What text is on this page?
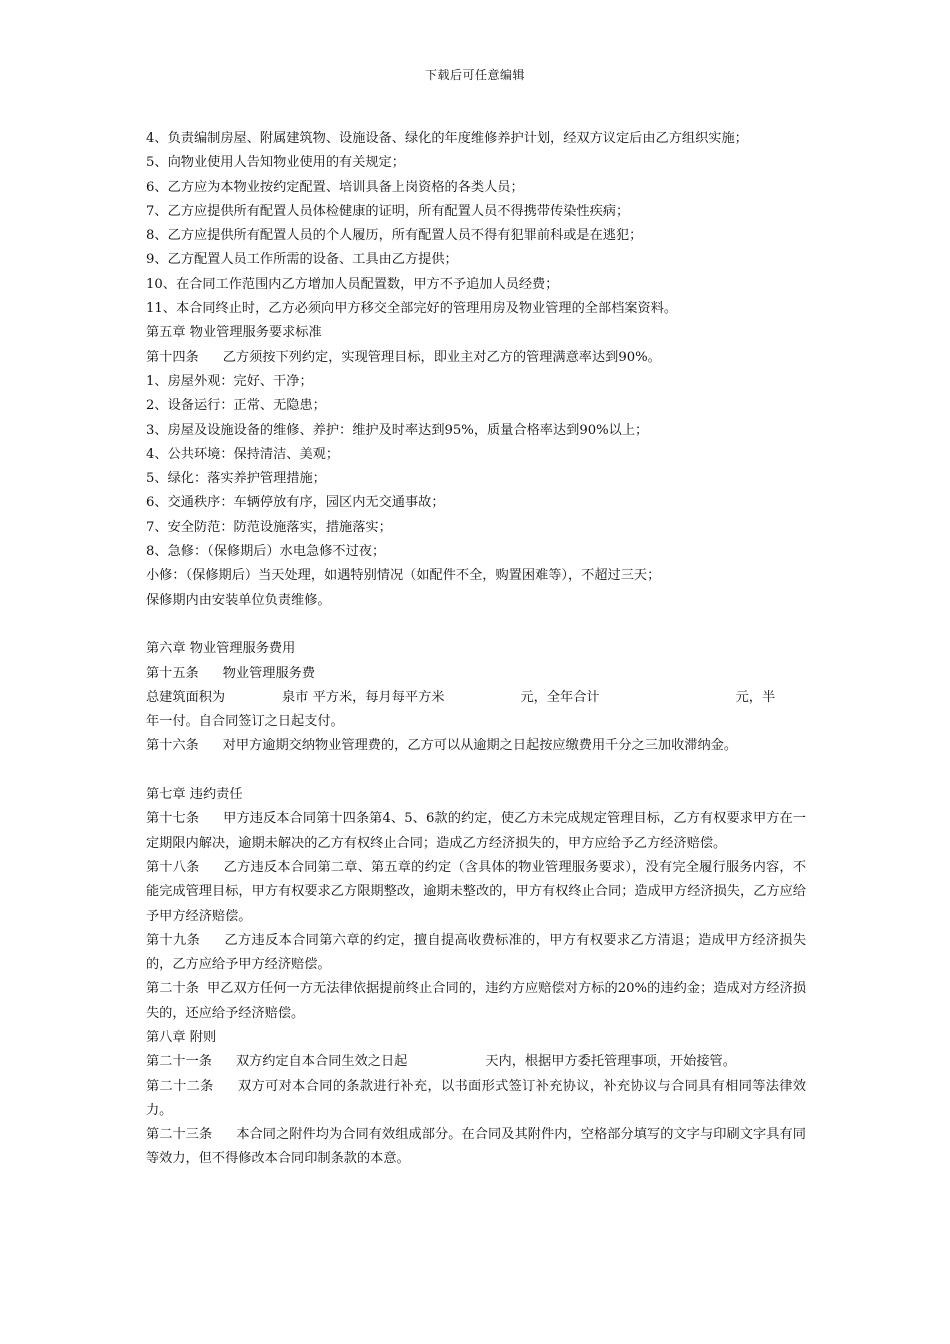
下载后可任意编辑
4、负责编制房屋、附属建筑物、设施设备、绿化的年度维修养护计划，经双方议定后由乙方组织实施；
5、向物业使用人告知物业使用的有关规定；
6、乙方应为本物业按约定配置、培训具备上岗资格的各类人员；
7、乙方应提供所有配置人员体检健康的证明，所有配置人员不得携带传染性疾病；
8、乙方应提供所有配置人员的个人履历，所有配置人员不得有犯罪前科或是在逃犯；
9、乙方配置人员工作所需的设备、工具由乙方提供；
10、在合同工作范围内乙方增加人员配置数，甲方不予追加人员经费；
11、本合同终止时，乙方必须向甲方移交全部完好的管理用房及物业管理的全部档案资料。
第五章 物业管理服务要求标准
第十四条 乙方须按下列约定，实现管理目标，即业主对乙方的管理满意率达到90%。
1、房屋外观：完好、干净；
2、设备运行：正常、无隐患；
3、房屋及设施设备的维修、养护：维护及时率达到95%，质量合格率达到90%以上；
4、公共环境：保持清洁、美观；
5、绿化：落实养护管理措施；
6、交通秩序：车辆停放有序，园区内无交通事故；
7、安全防范：防范设施落实，措施落实；
8、急修：（保修期后）水电急修不过夜；
小修：（保修期后）当天处理，如遇特别情况（如配件不全，购置困难等），不超过三天；
保修期内由安装单位负责维修。
第六章 物业管理服务费用
第十五条 物业管理服务费
总建筑面积为	泉市 平方米，每月每平方米	元，全年合计	元，半
年一付。自合同签订之日起支付。
第十六条 对甲方逾期交纳物业管理费的，乙方可以从逾期之日起按应缴费用千分之三加收滞纳金。
第七章 违约责任
第十七条 甲方违反本合同第十四条第4、5、6款的约定，使乙方未完成规定管理目标，乙方有权要求甲方在一定期限内解决，逾期未解决的乙方有权终止合同；造成乙方经济损失的，甲方应给予乙方经济赔偿。
第十八条 乙方违反本合同第二章、第五章的约定（含具体的物业管理服务要求），没有完全履行服务内容，不能完成管理目标，甲方有权要求乙方限期整改，逾期未整改的，甲方有权终止合同；造成甲方经济损失，乙方应给予甲方经济赔偿。
第十九条 乙方违反本合同第六章的约定，擅自提高收费标准的，甲方有权要求乙方清退；造成甲方经济损失的，乙方应给予甲方经济赔偿。
第二十条 甲乙双方任何一方无法律依据提前终止合同的，违约方应赔偿对方标的20%的违约金；造成对方经济损失的，还应给予经济赔偿。
第八章 附则
第二十一条 双方约定自本合同生效之日起	天内，根据甲方委托管理事项，开始接管。
第二十二条 双方可对本合同的条款进行补充，以书面形式签订补充协议，补充协议与合同具有相同等法律效力。
第二十三条 本合同之附件均为合同有效组成部分。在合同及其附件内，空格部分填写的文字与印刷文字具有同等效力，但不得修改本合同印制条款的本意。
